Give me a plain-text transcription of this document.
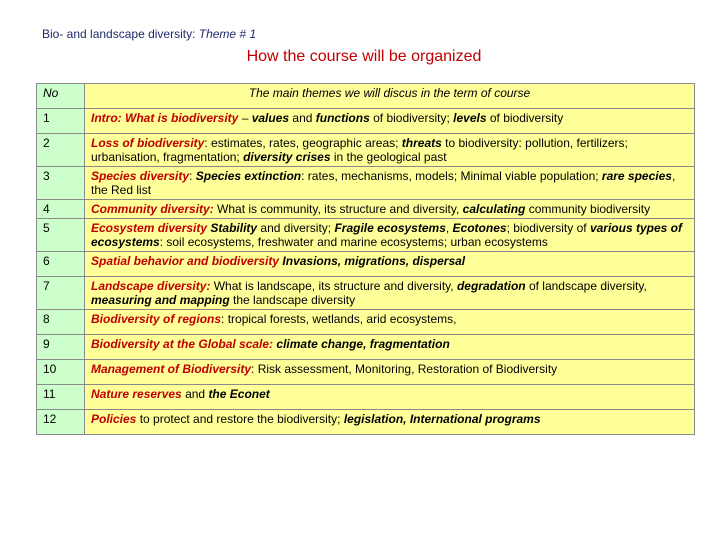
Bio- and landscape diversity: Theme # 1
How the course will be organized
No	The main themes we will discus in the term of course
1	Intro: What is biodiversity – values and functions of biodiversity; levels of biodiversity
2	Loss of biodiversity: estimates, rates, geographic areas; threats to biodiversity: pollution, fertilizers; urbanisation, fragmentation; diversity crises in the geological past
3	Species diversity: Species extinction: rates, mechanisms, models; Minimal viable population; rare species, the Red list
4	Community diversity: What is community, its structure and diversity, calculating community biodiversity
5	Ecosystem diversity Stability and diversity; Fragile ecosystems, Ecotones; biodiversity of various types of ecosystems: soil ecosystems, freshwater and marine ecosystems; urban ecosystems
6	Spatial behavior and biodiversity Invasions, migrations, dispersal
7	Landscape diversity: What is landscape, its structure and diversity, degradation of landscape diversity, measuring and mapping the landscape diversity
8	Biodiversity of regions: tropical forests, wetlands, arid ecosystems,
9	Biodiversity at the Global scale: climate change, fragmentation
10	Management of Biodiversity: Risk assessment, Monitoring, Restoration of Biodiversity
11	Nature reserves and the Econet
12	Policies to protect and restore the biodiversity; legislation, International programs
